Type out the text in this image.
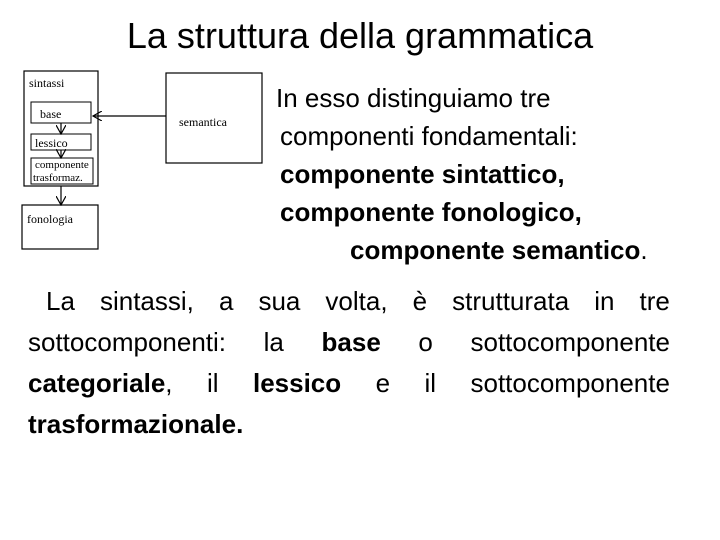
La struttura della grammatica
sintassi
base
lessico
componente
trasformaz.
semantica
fonologia
In esso distinguiamo tre
componenti fondamentali:
componente sintattico,
componente fonologico,
componente semantico.
La sintassi, a sua volta, è strutturata in tre
sottocomponenti: la base o sottocomponente
categoriale, il lessico e il sottocomponente
trasformazionale.
